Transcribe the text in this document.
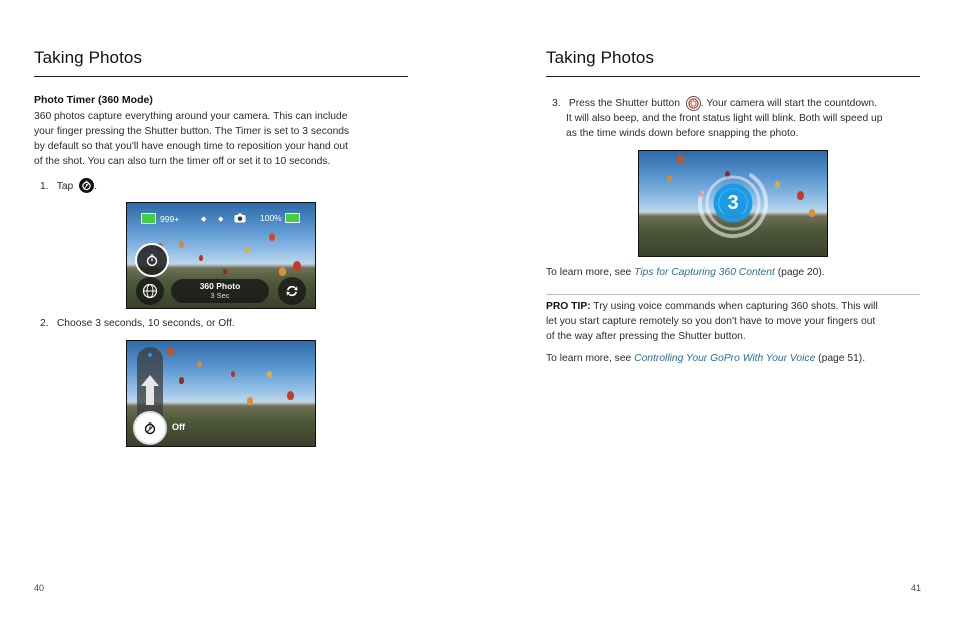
Taking Photos
Photo Timer (360 Mode)
360 photos capture everything around your camera. This can include
your finger pressing the Shutter button. The Timer is set to 3 seconds
by default so that you'll have enough time to reposition your hand out
of the shot. You can also turn the timer off or set it to 10 seconds.
1. Tap .
999+	◆      ◆	100%
360 Photo
3 Sec
2. Choose 3 seconds, 10 seconds, or Off.
Off
40
Taking Photos
3. Press the Shutter button . Your camera will start the countdown.
It will also beep, and the front status light will blink. Both will speed up
as the time winds down before snapping the photo.
3
To learn more, see Tips for Capturing 360 Content (page 20).
PRO TIP: Try using voice commands when capturing 360 shots. This will
let you start capture remotely so you don't have to move your fingers out
of the way after pressing the Shutter button.
To learn more, see Controlling Your GoPro With Your Voice (page 51).
41
